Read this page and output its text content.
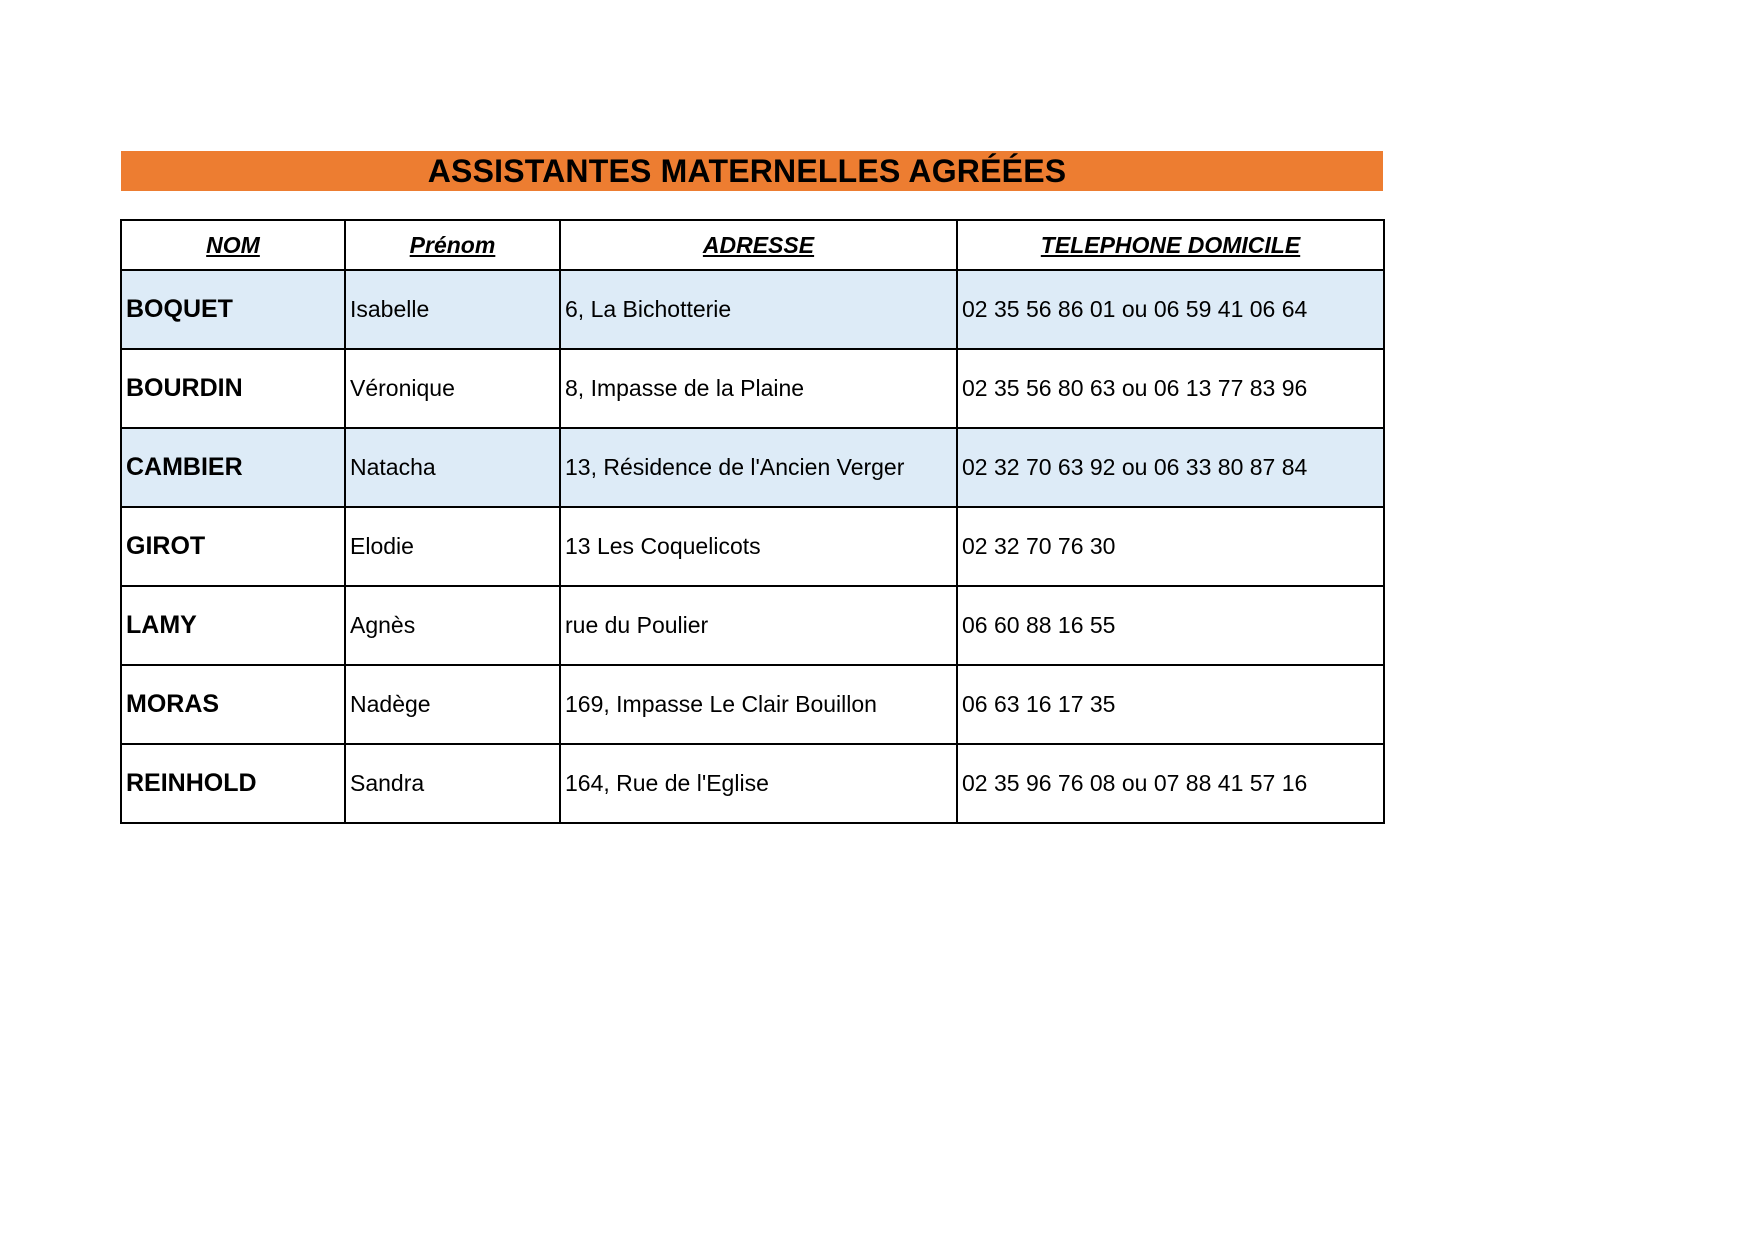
ASSISTANTES MATERNELLES AGRÉÉES
NOM	Prénom	ADRESSE	TELEPHONE DOMICILE
BOQUET	Isabelle	6, La Bichotterie	02 35 56 86 01 ou 06 59 41 06 64
BOURDIN	Véronique	8, Impasse de la Plaine	02 35 56 80 63 ou 06 13 77 83 96
CAMBIER	Natacha	13, Résidence de l'Ancien Verger	02 32 70 63 92 ou 06 33 80 87 84
GIROT	Elodie	13 Les Coquelicots	02 32 70 76 30
LAMY	Agnès	rue du Poulier	06 60 88 16 55
MORAS	Nadège	169, Impasse Le Clair Bouillon	06 63 16 17 35
REINHOLD	Sandra	164, Rue de l'Eglise	02 35 96 76 08 ou 07 88 41 57 16
